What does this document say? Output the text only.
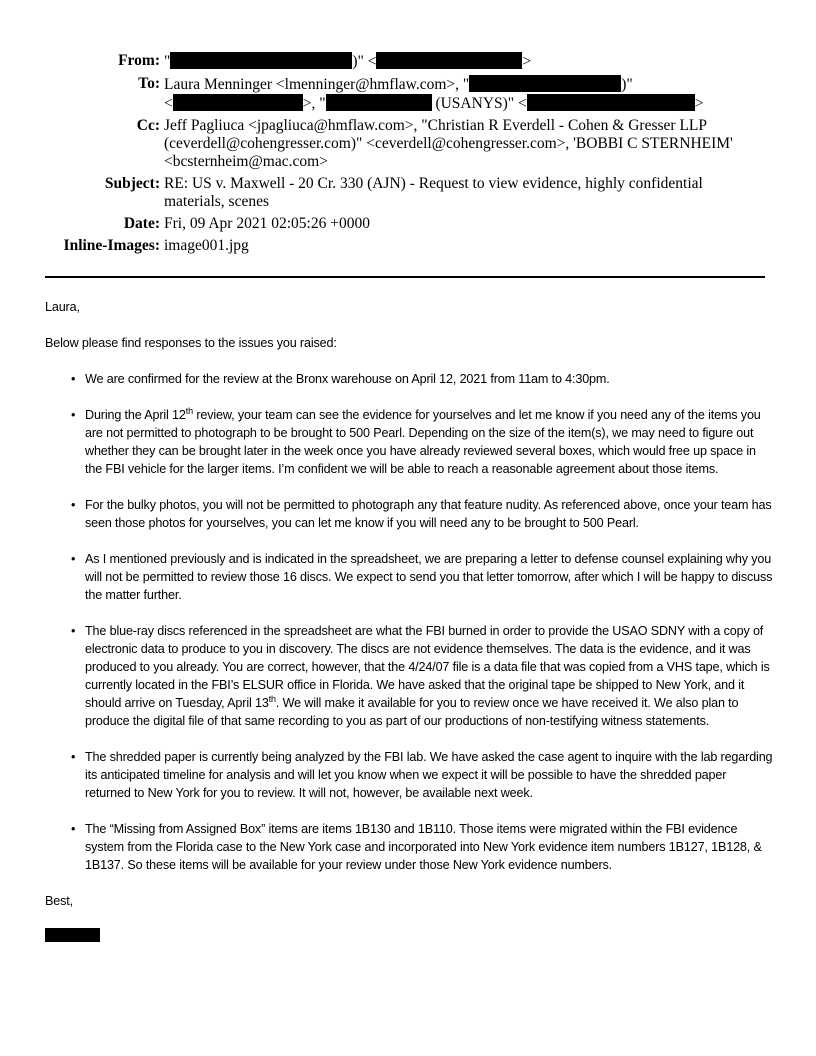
From: "	)" <	>
To: Laura Menninger <lmenninger@hmflaw.com>, "	)"
<	>, "	(USANYS)" <	>
Cc: Jeff Pagliuca <jpagliuca@hmflaw.com>, "Christian R Everdell - Cohen & Gresser LLP (ceverdell@cohengresser.com)" <ceverdell@cohengresser.com>, 'BOBBI C STERNHEIM' <bcsternheim@mac.com>
Subject: RE: US v. Maxwell - 20 Cr. 330 (AJN) - Request to view evidence, highly confidential materials, scenes
Date: Fri, 09 Apr 2021 02:05:26 +0000
Inline-Images: image001.jpg

Laura,

Below please find responses to the issues you raised:

• We are confirmed for the review at the Bronx warehouse on April 12, 2021 from 11am to 4:30pm.
• During the April 12th review, your team can see the evidence for yourselves and let me know if you need any of the items you are not permitted to photograph to be brought to 500 Pearl. Depending on the size of the item(s), we may need to figure out whether they can be brought later in the week once you have already reviewed several boxes, which would free up space in the FBI vehicle for the larger items. I’m confident we will be able to reach a reasonable agreement about those items.
• For the bulky photos, you will not be permitted to photograph any that feature nudity. As referenced above, once your team has seen those photos for yourselves, you can let me know if you will need any to be brought to 500 Pearl.
• As I mentioned previously and is indicated in the spreadsheet, we are preparing a letter to defense counsel explaining why you will not be permitted to review those 16 discs. We expect to send you that letter tomorrow, after which I will be happy to discuss the matter further.
• The blue-ray discs referenced in the spreadsheet are what the FBI burned in order to provide the USAO SDNY with a copy of electronic data to produce to you in discovery. The discs are not evidence themselves. The data is the evidence, and it was produced to you already. You are correct, however, that the 4/24/07 file is a data file that was copied from a VHS tape, which is currently located in the FBI’s ELSUR office in Florida. We have asked that the original tape be shipped to New York, and it should arrive on Tuesday, April 13th. We will make it available for you to review once we have received it. We also plan to produce the digital file of that same recording to you as part of our productions of non-testifying witness statements.
• The shredded paper is currently being analyzed by the FBI lab. We have asked the case agent to inquire with the lab regarding its anticipated timeline for analysis and will let you know when we expect it will be possible to have the shredded paper returned to New York for you to review. It will not, however, be available next week.
• The “Missing from Assigned Box” items are items 1B130 and 1B110. Those items were migrated within the FBI evidence system from the Florida case to the New York case and incorporated into New York evidence item numbers 1B127, 1B128, & 1B137. So these items will be available for your review under those New York evidence numbers.

Best,
